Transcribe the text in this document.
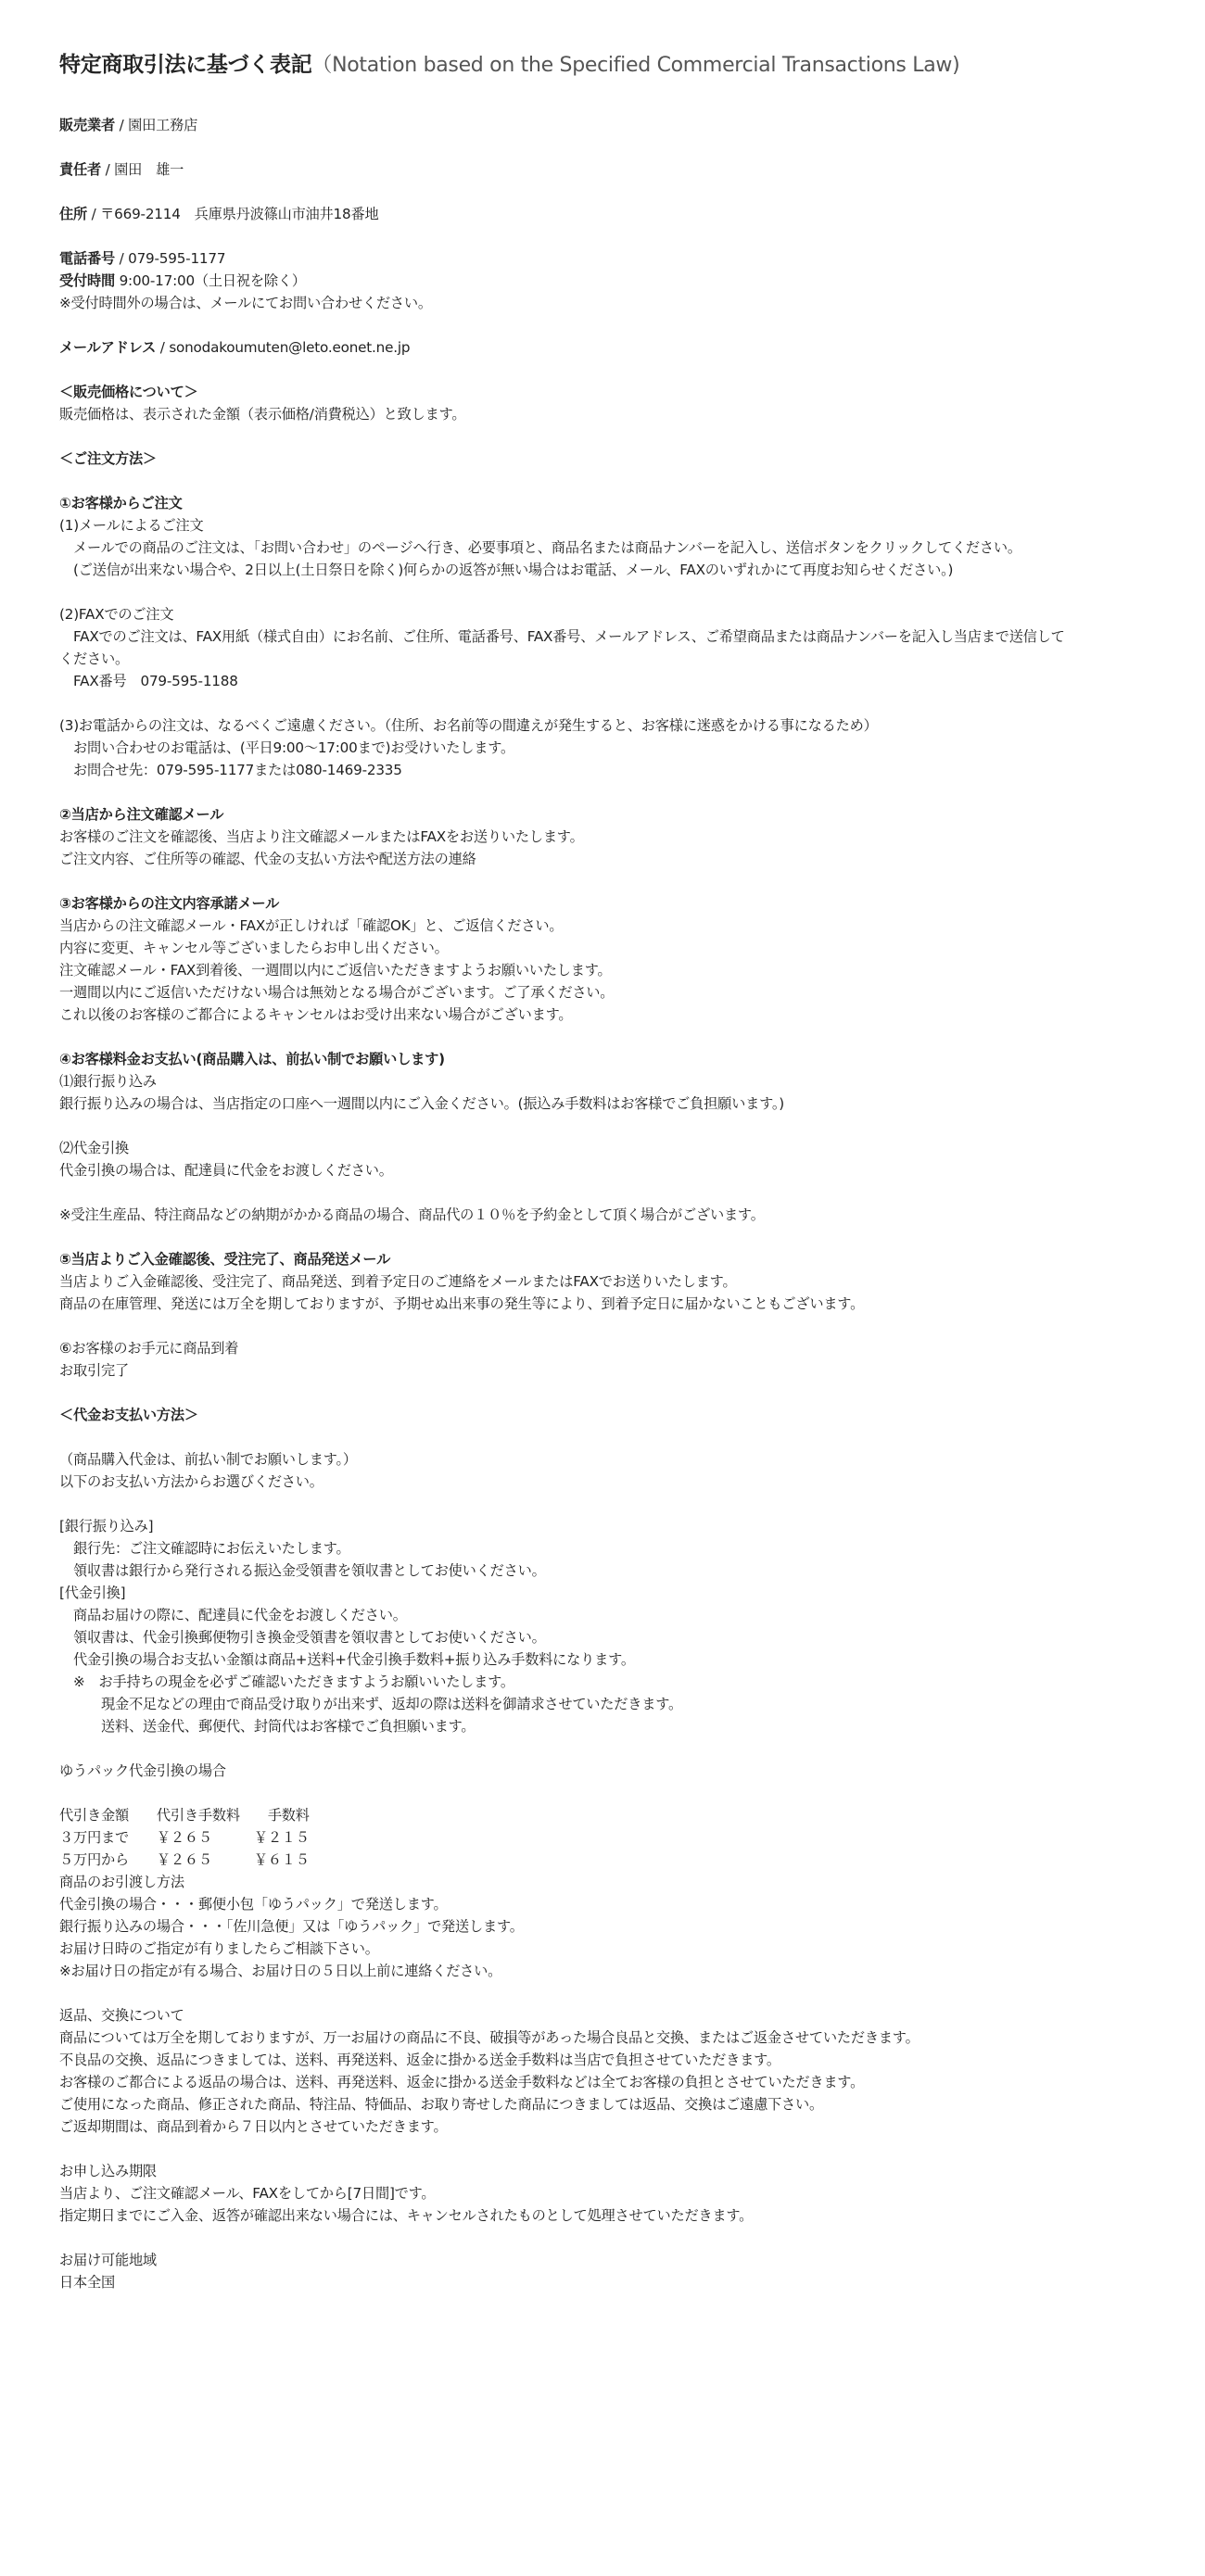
特定商取引法に基づく表記（Notation based on the Specified Commercial Transactions Law)
販売業者 / 園田工務店
責任者 / 園田　雄一
住所 / 〒669-2114　兵庫県丹波篠山市油井18番地
電話番号 / 079-595-1177
受付時間 9:00-17:00（土日祝を除く）
※受付時間外の場合は、メールにてお問い合わせください。
メールアドレス / sonodakoumuten@leto.eonet.ne.jp
＜販売価格について＞
販売価格は、表示された金額（表示価格/消費税込）と致します。
＜ご注文方法＞
①お客様からご注文
(1)メールによるご注文
　メールでの商品のご注文は、「お問い合わせ」のページへ行き、必要事項と、商品名または商品ナンバーを記入し、送信ボタンをクリックしてください。
　(ご送信が出来ない場合や、2日以上(土日祭日を除く)何らかの返答が無い場合はお電話、メール、FAXのいずれかにて再度お知らせください。)
(2)FAXでのご注文
　FAXでのご注文は、FAX用紙（様式自由）にお名前、ご住所、電話番号、FAX番号、メールアドレス、ご希望商品または商品ナンバーを記入し当店まで送信して
ください。
　FAX番号　079-595-1188
(3)お電話からの注文は、なるべくご遠慮ください。（住所、お名前等の間違えが発生すると、お客様に迷惑をかける事になるため）
　お問い合わせのお電話は、(平日9:00〜17:00まで)お受けいたします。
　お問合せ先：079-595-1177または080-1469-2335
②当店から注文確認メール
お客様のご注文を確認後、当店より注文確認メールまたはFAXをお送りいたします。
ご注文内容、ご住所等の確認、代金の支払い方法や配送方法の連絡
③お客様からの注文内容承諾メール
当店からの注文確認メール・FAXが正しければ「確認OK」と、ご返信ください。
内容に変更、キャンセル等ございましたらお申し出ください。
注文確認メール・FAX到着後、一週間以内にご返信いただきますようお願いいたします。
一週間以内にご返信いただけない場合は無効となる場合がございます。ご了承ください。
これ以後のお客様のご都合によるキャンセルはお受け出来ない場合がございます。
④お客様料金お支払い(商品購入は、前払い制でお願いします)
⑴銀行振り込み
銀行振り込みの場合は、当店指定の口座へ一週間以内にご入金ください。(振込み手数料はお客様でご負担願います。)
⑵代金引換
代金引換の場合は、配達員に代金をお渡しください。
※受注生産品、特注商品などの納期がかかる商品の場合、商品代の１０％を予約金として頂く場合がございます。
⑤当店よりご入金確認後、受注完了、商品発送メール
当店よりご入金確認後、受注完了、商品発送、到着予定日のご連絡をメールまたはFAXでお送りいたします。
商品の在庫管理、発送には万全を期しておりますが、予期せぬ出来事の発生等により、到着予定日に届かないこともございます。
⑥お客様のお手元に商品到着
お取引完了
＜代金お支払い方法＞
（商品購入代金は、前払い制でお願いします。）
以下のお支払い方法からお選びください。
[銀行振り込み]
　銀行先：ご注文確認時にお伝えいたします。
　領収書は銀行から発行される振込金受領書を領収書としてお使いください。
[代金引換]
　商品お届けの際に、配達員に代金をお渡しください。
　領収書は、代金引換郵便物引き換金受領書を領収書としてお使いください。
　代金引換の場合お支払い金額は商品+送料+代金引換手数料+振り込み手数料になります。
　※　お手持ちの現金を必ずご確認いただきますようお願いいたします。
　　　現金不足などの理由で商品受け取りが出来ず、返却の際は送料を御請求させていただきます。
　　　送料、送金代、郵便代、封筒代はお客様でご負担願います。
ゆうパック代金引換の場合
代引き金額　　代引き手数料　　手数料
３万円まで　　￥２６５　　　￥２１５
５万円から　　￥２６５　　　￥６１５
商品のお引渡し方法
代金引換の場合・・・郵便小包「ゆうパック」で発送します。
銀行振り込みの場合・・・「佐川急便」又は「ゆうパック」で発送します。
お届け日時のご指定が有りましたらご相談下さい。
※お届け日の指定が有る場合、お届け日の５日以上前に連絡ください。
返品、交換について
商品については万全を期しておりますが、万一お届けの商品に不良、破損等があった場合良品と交換、またはご返金させていただきます。
不良品の交換、返品につきましては、送料、再発送料、返金に掛かる送金手数料は当店で負担させていただきます。
お客様のご都合による返品の場合は、送料、再発送料、返金に掛かる送金手数料などは全てお客様の負担とさせていただきます。
ご使用になった商品、修正された商品、特注品、特価品、お取り寄せした商品につきましては返品、交換はご遠慮下さい。
ご返却期間は、商品到着から７日以内とさせていただきます。
お申し込み期限
当店より、ご注文確認メール、FAXをしてから[7日間]です。
指定期日までにご入金、返答が確認出来ない場合には、キャンセルされたものとして処理させていただきます。
お届け可能地域
日本全国
